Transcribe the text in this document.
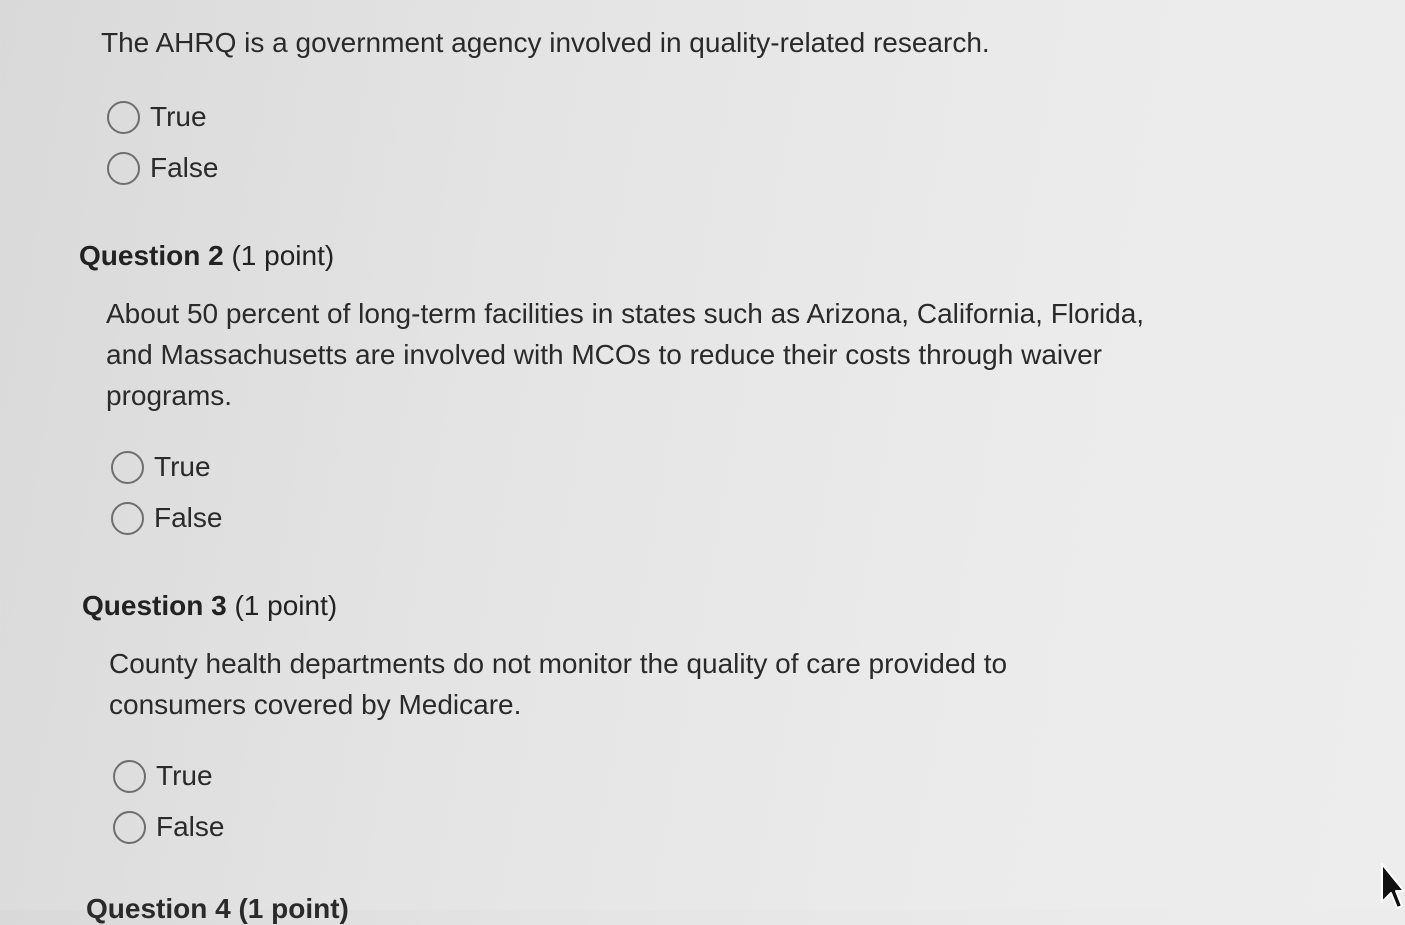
The AHRQ is a government agency involved in quality-related research.

True
False

Question 2 (1 point)

About 50 percent of long-term facilities in states such as Arizona, California, Florida, and Massachusetts are involved with MCOs to reduce their costs through waiver programs.

True
False

Question 3 (1 point)

County health departments do not monitor the quality of care provided to consumers covered by Medicare.

True
False
Question 4 (1 point)
